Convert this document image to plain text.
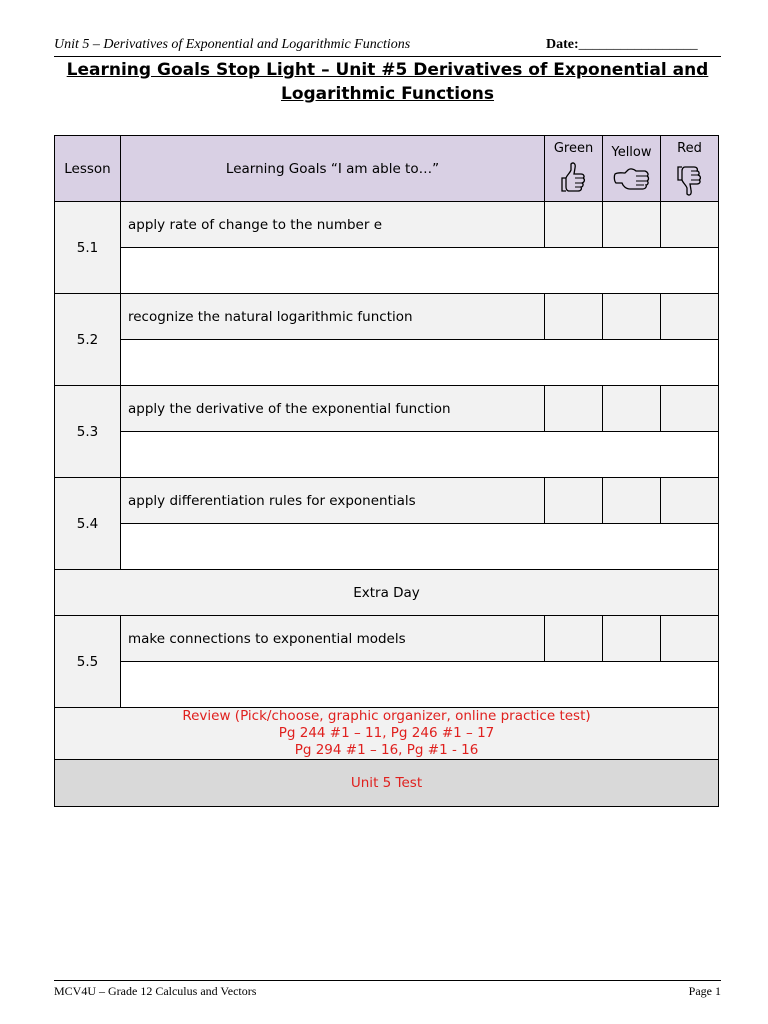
Unit 5 – Derivatives of Exponential and Logarithmic Functions	Date:_________________
Learning Goals Stop Light – Unit #5 Derivatives of Exponential and
Logarithmic Functions
Lesson	Learning Goals “I am able to…”	Green	Yellow	Red

5.1	apply rate of change to the number e			

5.2	recognize the natural logarithmic function			

5.3	apply the derivative of the exponential function			

5.4	apply differentiation rules for exponentials			

Extra Day				
5.5	make connections to exponential models			

Review (Pick/choose, graphic organizer, online practice test)
Pg 244 #1 – 11, Pg 246 #1 – 17
Pg 294 #1 – 16, Pg #1 - 16				

Unit 5 Test				
MCV4U – Grade 12 Calculus and Vectors	Page 1
